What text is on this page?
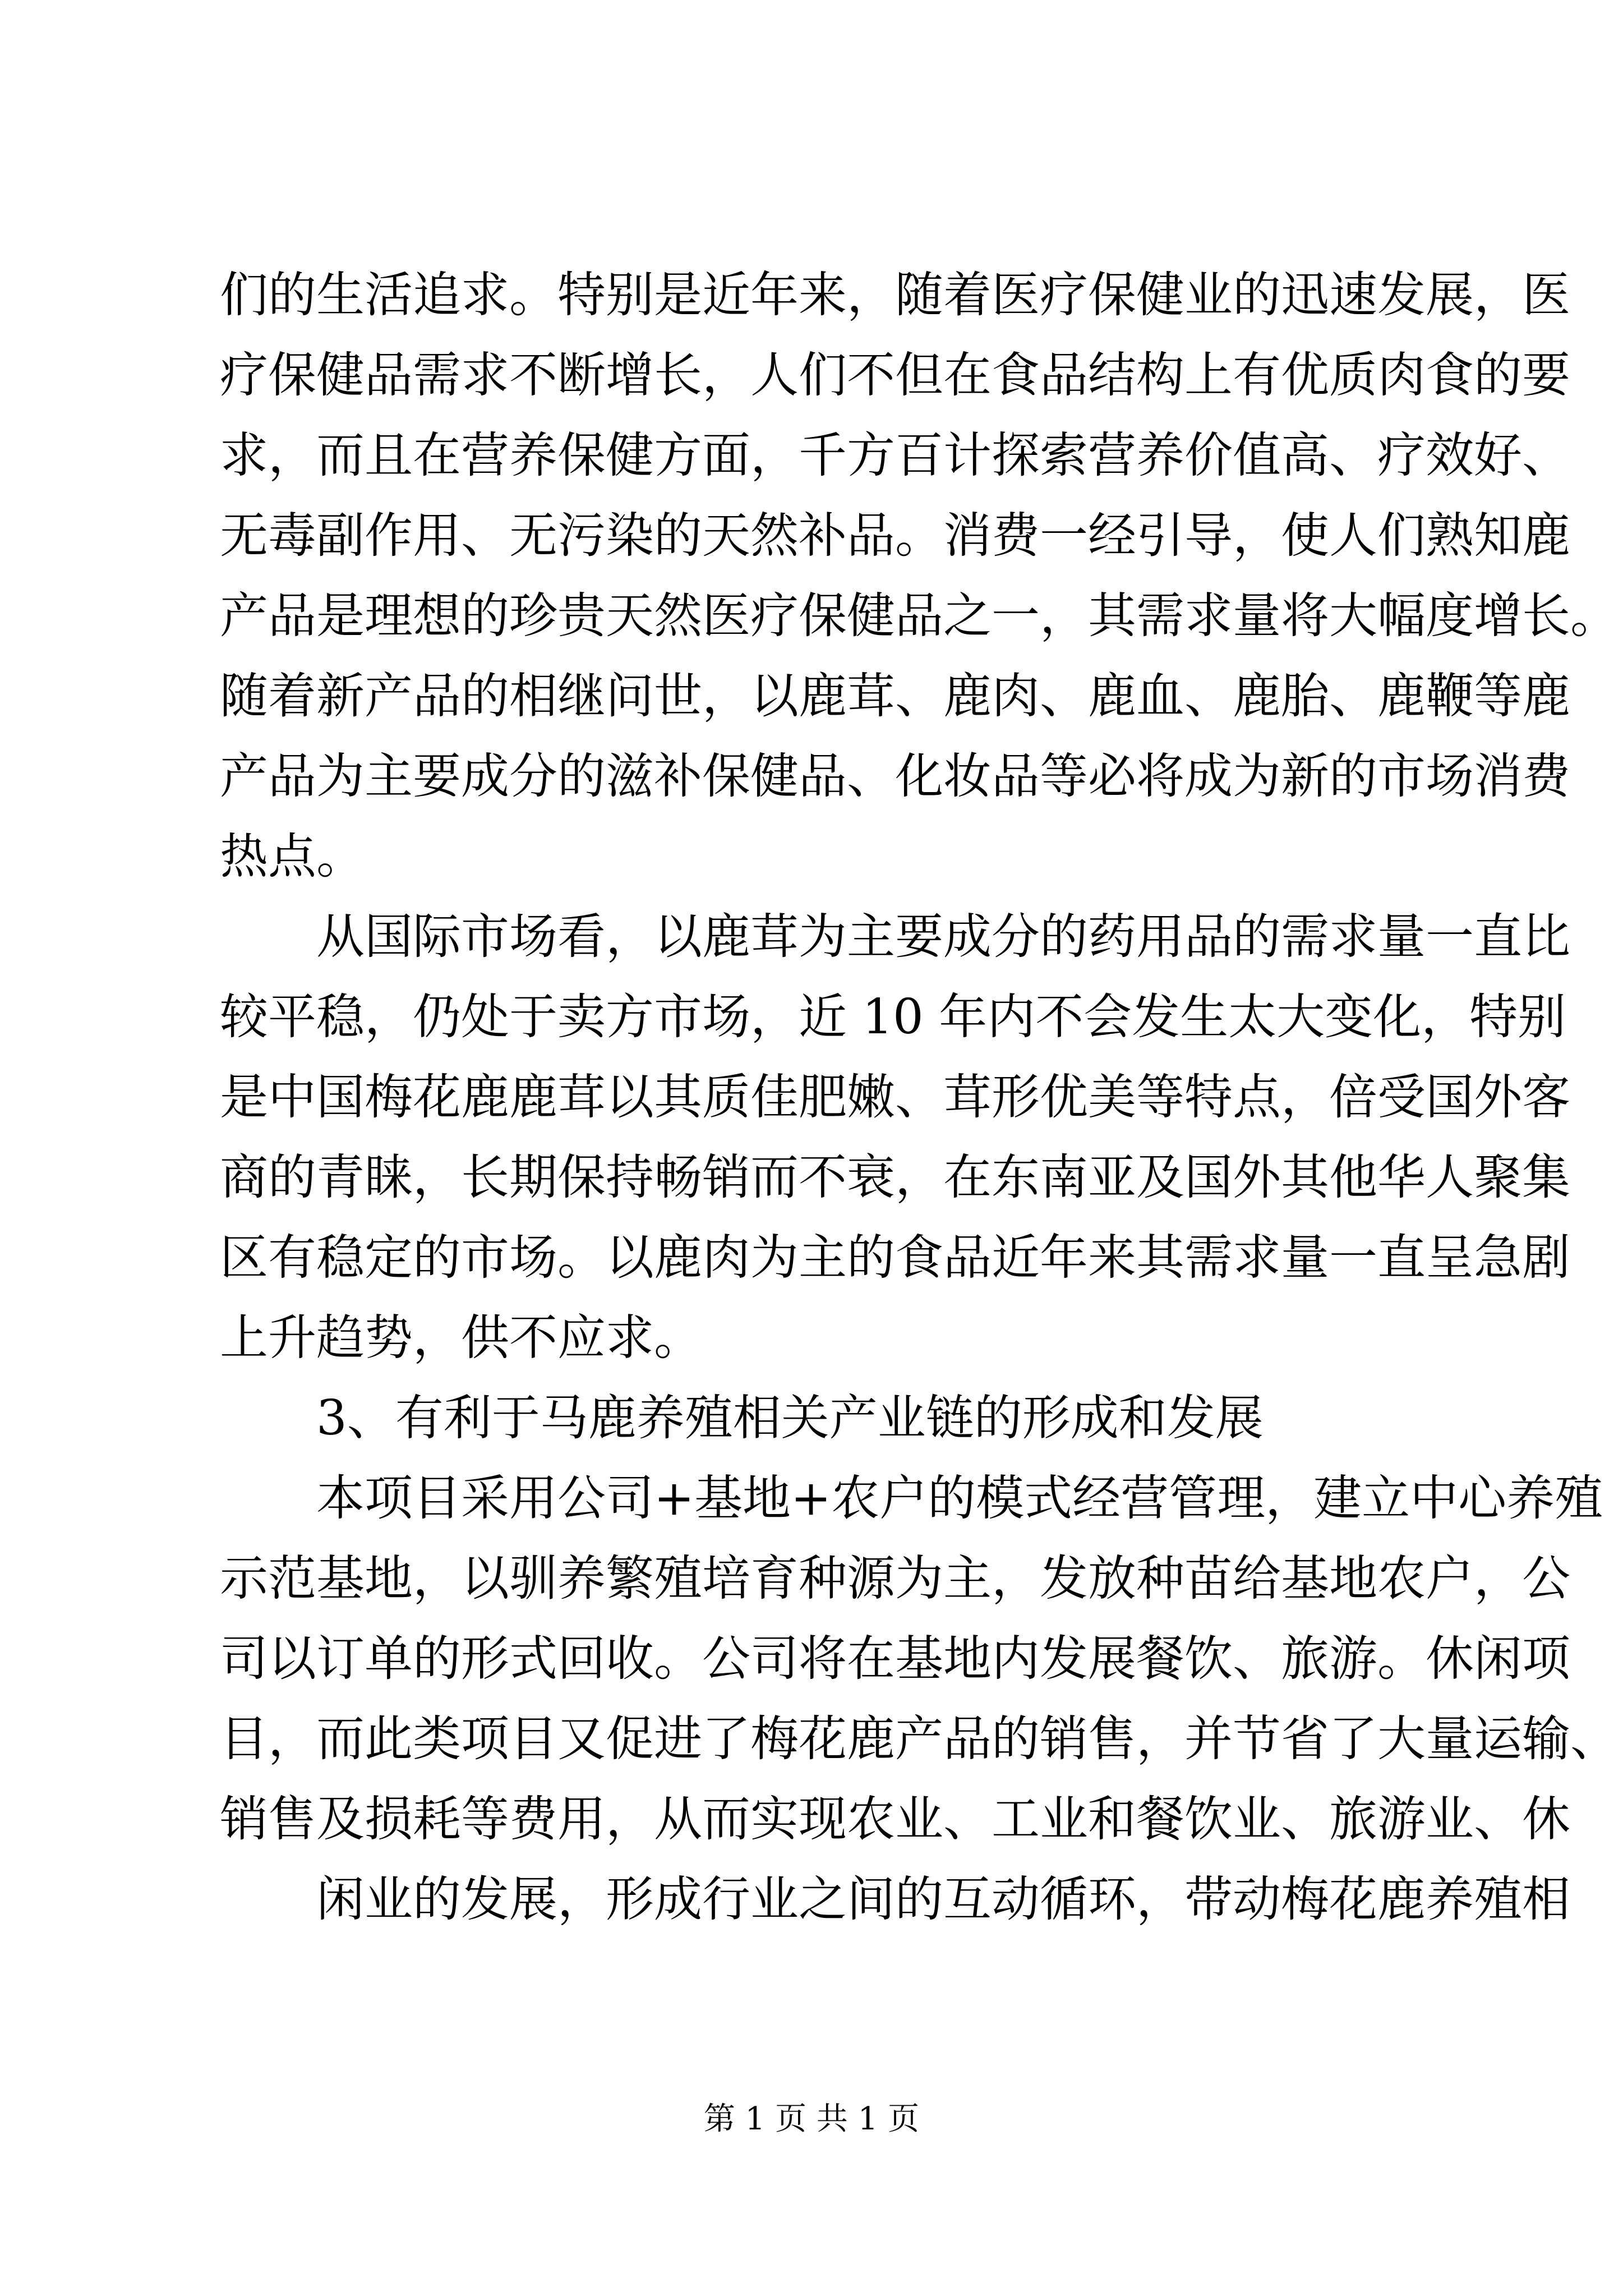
们的生活追求。特别是近年来，随着医疗保健业的迅速发展，医
疗保健品需求不断增长，人们不但在食品结构上有优质肉食的要
求，而且在营养保健方面，千方百计探索营养价值高、疗效好、
无毒副作用、无污染的天然补品。消费一经引导，使人们熟知鹿
产品是理想的珍贵天然医疗保健品之一，其需求量将大幅度增长。
随着新产品的相继问世，以鹿茸、鹿肉、鹿血、鹿胎、鹿鞭等鹿
产品为主要成分的滋补保健品、化妆品等必将成为新的市场消费
热点。
从国际市场看，以鹿茸为主要成分的药用品的需求量一直比
较平稳，仍处于卖方市场，近 10 年内不会发生太大变化，特别
是中国梅花鹿鹿茸以其质佳肥嫩、茸形优美等特点，倍受国外客
商的青睐，长期保持畅销而不衰，在东南亚及国外其他华人聚集
区有稳定的市场。以鹿肉为主的食品近年来其需求量一直呈急剧
上升趋势，供不应求。
3、有利于马鹿养殖相关产业链的形成和发展
本项目采用公司+基地+农户的模式经营管理，建立中心养殖
示范基地，以驯养繁殖培育种源为主，发放种苗给基地农户，公
司以订单的形式回收。公司将在基地内发展餐饮、旅游。休闲项
目，而此类项目又促进了梅花鹿产品的销售，并节省了大量运输、
销售及损耗等费用，从而实现农业、工业和餐饮业、旅游业、休
闲业的发展，形成行业之间的互动循环，带动梅花鹿养殖相
第 1 页 共 1 页
